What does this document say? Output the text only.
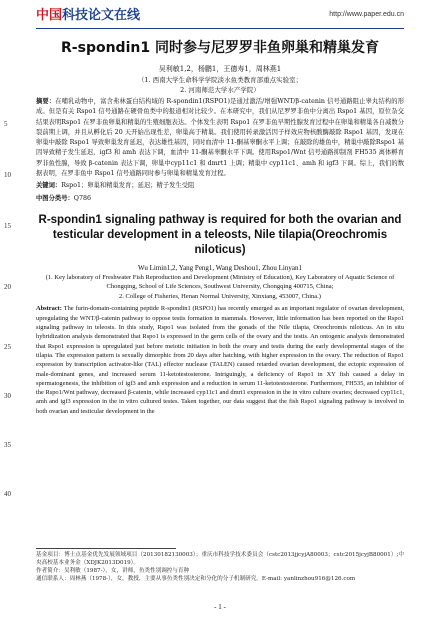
中国科技论文在线	http://www.paper.edu.cn
5
10
15
20
25
30
35
40
R-spondin1 同时参与尼罗罗非鱼卵巢和精巢发育
吴利敏1,2，杨鹏1，王德寿1，周林燕1
（1. 西南大学生命科学学院淡水鱼类教育部重点实验室；
2. 河南师范大学水产学院）
摘要：在哺乳动物中，富含弗林蛋白结构域的 R-spondin1(RSPO1)是通过激活/增强WNT/β-catenin 信号通路阻止睾丸结构的形成。但是有关 Rspo1 信号通路在硬骨鱼类中的报道相对比较少。在本研究中，我们从尼罗罗非鱼中分离出 Rspo1 基因，原位杂交结果表明Rspo1 在罗非鱼卵巢和精巢的生殖细胞表达。个体发生表明 Rspo1 在罗非鱼早期性腺发育过程中在卵巢和精巢各自减数分裂前期上调，并且从孵化后 20 天开始出现性差，卵巢高于精巢。我们使用转录激活因子样效应物核酸酶敲除 Rspo1 基因，发现在卵巢中敲除 Rspo1 导致卵巢发育延迟，表达雄性基因，同时血清中 11-酮基睾酮水平上调；在敲除的雄鱼中，精巢中敲除Rspo1 基因导致精子发生延迟，igf3 和 amh 表达下调，血清中 11-酮基睾酮水平下调。使用Rspo1/Wnt 信号通路抑制剂 FH535 离体孵育罗非鱼性腺，导致 β-catenin 表达下调，卵巢中cyp11c1 和 dmrt1 上调；精巢中 cyp11c1、amh 和 igf3 下调。综上，我们的数据表明，在罗非鱼中 Rspo1 信号通路同时参与卵巢和精巢发育过程。
关键词：Rspo1；卵巢和精巢发育；延迟；精子发生受阻
中图分类号：Q786
R-spondin1 signaling pathway is required for both the ovarian and testicular development in a teleosts, Nile tilapia(Oreochromis niloticus)
Wu Limin1,2, Yang Peng1, Wang Deshou1, Zhou Linyan1
(1. Key laboratory of Freshwater Fish Reproduction and Development (Ministry of Education), Key Laboratory of Aquatic Science of Chongqing, School of Life Sciences, Southwest University, Chongqing 400715, China;
2. College of Fisheries, Henan Normal University, Xinxiang, 453007, China.)
Abstract: The furin-domain-containing peptide R-spondin1 (RSPO1) has recently emerged as an important regulator of ovarian development, upregulating the WNT/β-catenin pathway to oppose testis formation in mammals. However, little information has been reported on the Rspo1 signaling pathway in teleosts. In this study, Rspo1 was isolated from the gonads of the Nile tilapia, Oreochromis niloticus. An in situ hybridization analysis demonstrated that Rspo1 is expressed in the germ cells of the ovary and the testis. An ontogenic analysis demonstrated that Rspo1 expression is upregulated just before meiotic initiation in both the ovary and testis during the early developmental stages of the tilapia. The expression pattern is sexually dimorphic from 20 days after hatching, with higher expression in the ovary. The reduction of Rspo1 expression by transcription activator-like (TAL) effector nuclease (TALEN) caused retarded ovarian development, the ectopic expression of male-dominant genes, and increased serum 11-ketotestosterone. Intriguingly, a deficiency of Rspo1 in XY fish caused a delay in spermatogenesis, the inhibition of igf3 and amh expression and a reduction in serum 11-ketotestosterone. Furthermore, FH535, an inhibitor of the Rspo1/Wnt pathway, decreased β-catenin, while increased cyp11c1 and dmrt1 expression in the in vitro culture ovaries; decreased cyp11c1, amh and igf3 expression in the in vitro cultured testes. Taken together, our data suggest that the fish Rspo1 signaling pathway is involved in both ovarian and testicular development in the
基金项目：博士点基金优先发展领域项目（20130182130003）；重庆市科技学技术委员会（cstc2013jjcyjA80003；cstc2015jcyjB80001）;中央高校基本业务金（XDJK2013D019）。
作者简介：吴利敏（1987-），女，讲师，鱼类性别调控与育种
通信联系人：周林燕（1978-），女，教授，主要从事鱼类性别决定和分化的分子机制研究。E-mail: yanlinzhou916@126.com
- 1 -
